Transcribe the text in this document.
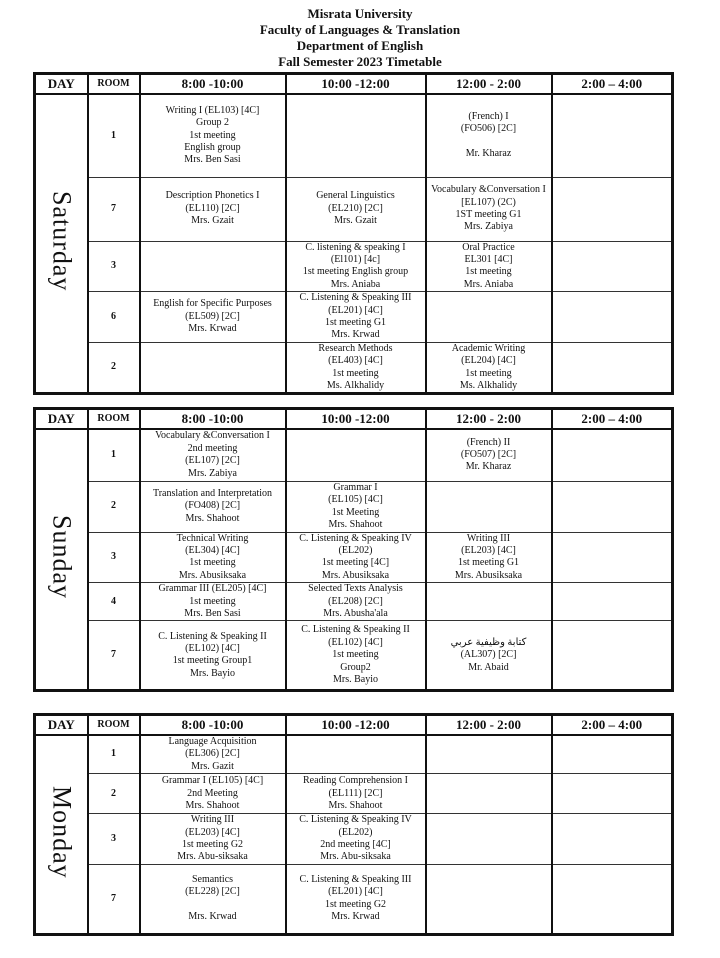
Misrata University
Faculty of Languages & Translation
Department of English
Fall Semester 2023 Timetable
DAY	ROOM	8:00 -10:00	10:00 -12:00	12:00 - 2:00	2:00 – 4:00
Saturday	1	Writing I (EL103) [4C]
Group 2
1st meeting
English group
Mrs. Ben Sasi		(French) I
(FO506) [2C]

Mr. Kharaz	

	7	Description Phonetics I
(EL110) [2C]
Mrs. Gzait	General Linguistics
(EL210) [2C]
Mrs. Gzait	Vocabulary &Conversation I
[EL107) (2C)
1ST meeting G1
Mrs. Zabiya	

	3		C. listening & speaking I
(El101) [4c]
1st meeting English group
Mrs. Aniaba	Oral Practice
EL301 [4C]
1st meeting
Mrs. Aniaba	

	6	English for Specific Purposes
(EL509) [2C]
Mrs. Krwad	C. Listening & Speaking III
(EL201) [4C]
1st meeting G1
Mrs. Krwad		

	2		Research Methods
(EL403) [4C]
1st meeting
Ms. Alkhalidy	Academic Writing
(EL204) [4C]
1st meeting
Ms. Alkhalidy	

DAY	ROOM	8:00 -10:00	10:00 -12:00	12:00 - 2:00	2:00 – 4:00
Sunday	1	Vocabulary &Conversation I
2nd meeting
(EL107) [2C]
Mrs. Zabiya		(French) II
(FO507) [2C]
Mr. Kharaz	

	2	Translation and Interpretation
(FO408) [2C]
Mrs. Shahoot	Grammar I
(EL105) [4C]
1st Meeting
Mrs. Shahoot		

	3	Technical Writing
(EL304) [4C]
1st meeting
Mrs. Abusiksaka	C. Listening & Speaking IV
(EL202)
1st meeting [4C]
Mrs. Abusiksaka	Writing III
(EL203) [4C]
1st meeting G1
Mrs. Abusiksaka	

	4	Grammar III (EL205) [4C]
1st meeting
Mrs. Ben Sasi	Selected Texts Analysis
(EL208) [2C]
Mrs. Abusha'ala		

	7	C. Listening & Speaking II
(EL102) [4C]
1st meeting Group1
Mrs. Bayio	C. Listening & Speaking II
(EL102) [4C]
1st meeting
Group2
Mrs. Bayio	كتابة وظيفية عربي
(AL307) [2C]
Mr. Abaid	

DAY	ROOM	8:00 -10:00	10:00 -12:00	12:00 - 2:00	2:00 – 4:00
Monday	1	Language Acquisition
(EL306) [2C]
Mrs. Gazit			

	2	Grammar I (EL105) [4C]
2nd Meeting
Mrs. Shahoot	Reading Comprehension I
(EL111) [2C]
Mrs. Shahoot		

	3	Writing III
(EL203) [4C]
1st meeting G2
Mrs. Abu-siksaka	C. Listening & Speaking IV
(EL202)
2nd meeting [4C]
Mrs. Abu-siksaka		

	7	Semantics
(EL228) [2C]

Mrs. Krwad	C. Listening & Speaking III
(EL201) [4C]
1st meeting G2
Mrs. Krwad		
